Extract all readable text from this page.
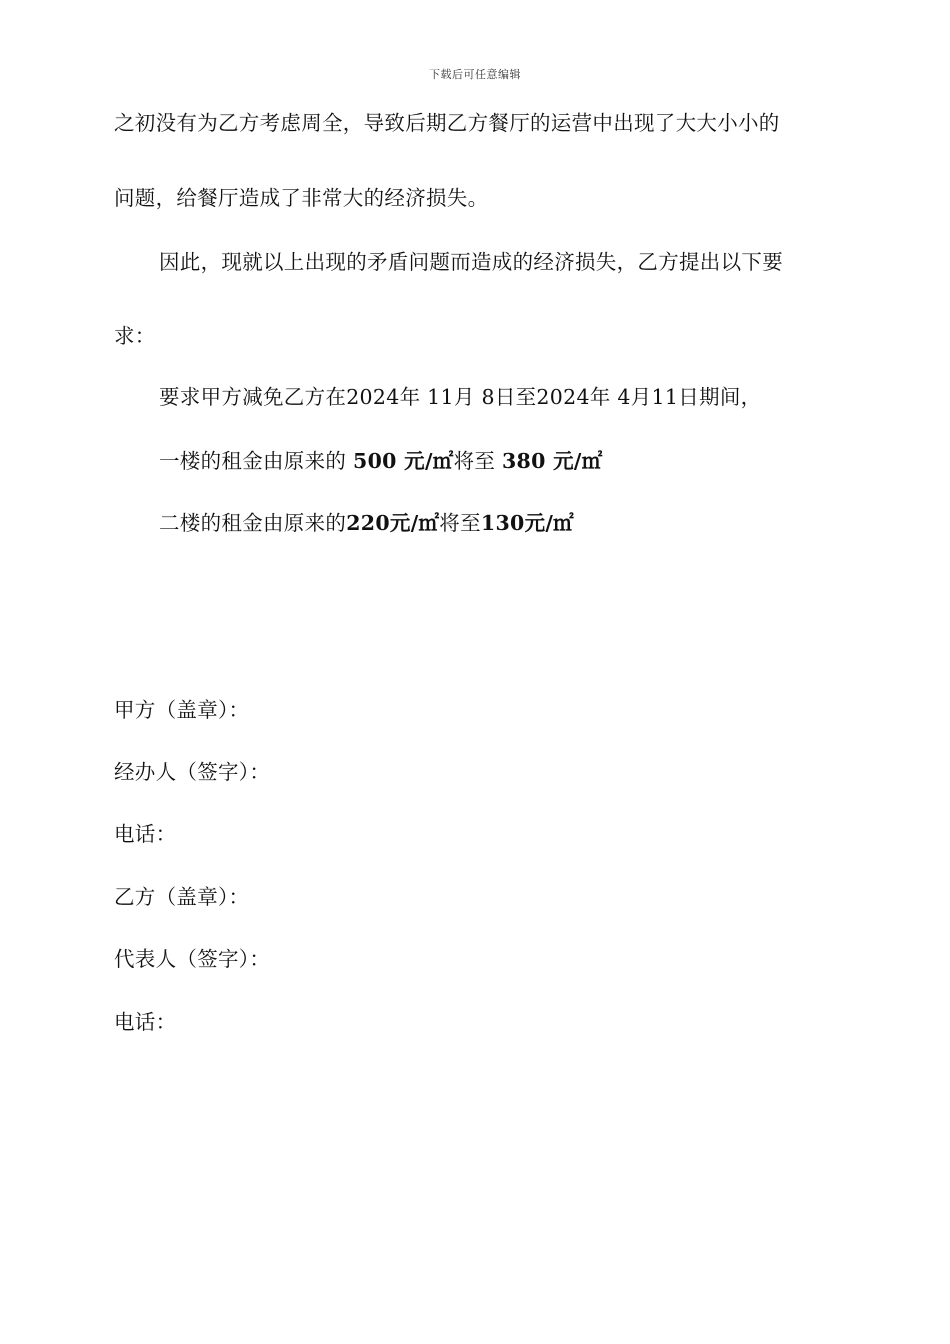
下载后可任意编辑
之初没有为乙方考虑周全，导致后期乙方餐厅的运营中出现了大大小小的
问题，给餐厅造成了非常大的经济损失。
因此，现就以上出现的矛盾问题而造成的经济损失，乙方提出以下要
求：
要求甲方减免乙方在2024年 11月 8日至2024年 4月11日期间，
一楼的租金由原来的 500 元/㎡将至 380 元/㎡
二楼的租金由原来的220元/㎡将至130元/㎡
甲方（盖章）：
经办人（签字）：
电话：
乙方（盖章）：
代表人（签字）：
电话：
